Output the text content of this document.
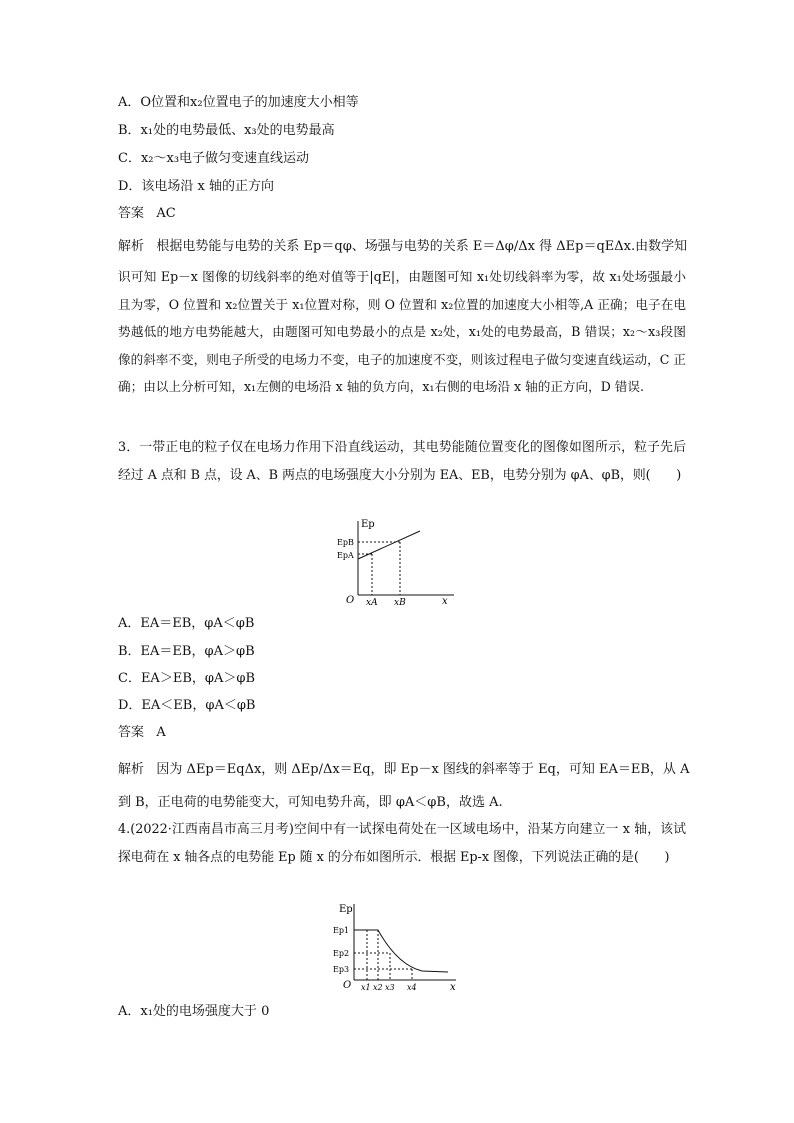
A．O位置和x₂位置电子的加速度大小相等
B．x₁处的电势最低、x₃处的电势最高
C．x₂～x₃电子做匀变速直线运动
D．该电场沿 x 轴的正方向
答案 AC
解析 根据电势能与电势的关系 Ep＝qφ、场强与电势的关系 E＝Δφ/Δx 得 ΔEp＝qEΔx.由数学知
识可知 Ep－x 图像的切线斜率的绝对值等于|qE|，由题图可知 x₁处切线斜率为零，故 x₁处场强最小且为零，O 位置和 x₂位置关于 x₁位置对称，则 O 位置和 x₂位置的加速度大小相等,A 正确；电子在电势越低的地方电势能越大，由题图可知电势最小的点是 x₂处，x₁处的电势最高，B 错误；x₂～x₃段图像的斜率不变，则电子所受的电场力不变，电子的加速度不变，则该过程电子做匀变速直线运动，C 正确；由以上分析可知，x₁左侧的电场沿 x 轴的负方向，x₁右侧的电场沿 x 轴的正方向，D 错误.
3．一带正电的粒子仅在电场力作用下沿直线运动，其电势能随位置变化的图像如图所示，粒子先后经过 A 点和 B 点，设 A、B 两点的电场强度大小分别为 EA、EB，电势分别为 φA、φB，则(　　)
Ep
EpB
EpA
O xA xB	x
A．EA＝EB，φA＜φB
B．EA＝EB，φA＞φB
C．EA＞EB，φA＞φB
D．EA＜EB，φA＜φB
答案 A
解析 因为 ΔEp＝EqΔx，则 ΔEp/Δx＝Eq，即 Ep－x 图线的斜率等于 Eq，可知 EA＝EB，从 A
到 B，正电荷的电势能变大，可知电势升高，即 φA＜φB，故选 A.
4.(2022·江西南昌市高三月考)空间中有一试探电荷处在一区域电场中，沿某方向建立一 x 轴，该试探电荷在 x 轴各点的电势能 Ep 随 x 的分布如图所示．根据 Ep-x 图像，下列说法正确的是(　　)
Ep
Ep1
Ep2
Ep3
O x1 x2 x3 x4	x
A．x₁处的电场强度大于 0
